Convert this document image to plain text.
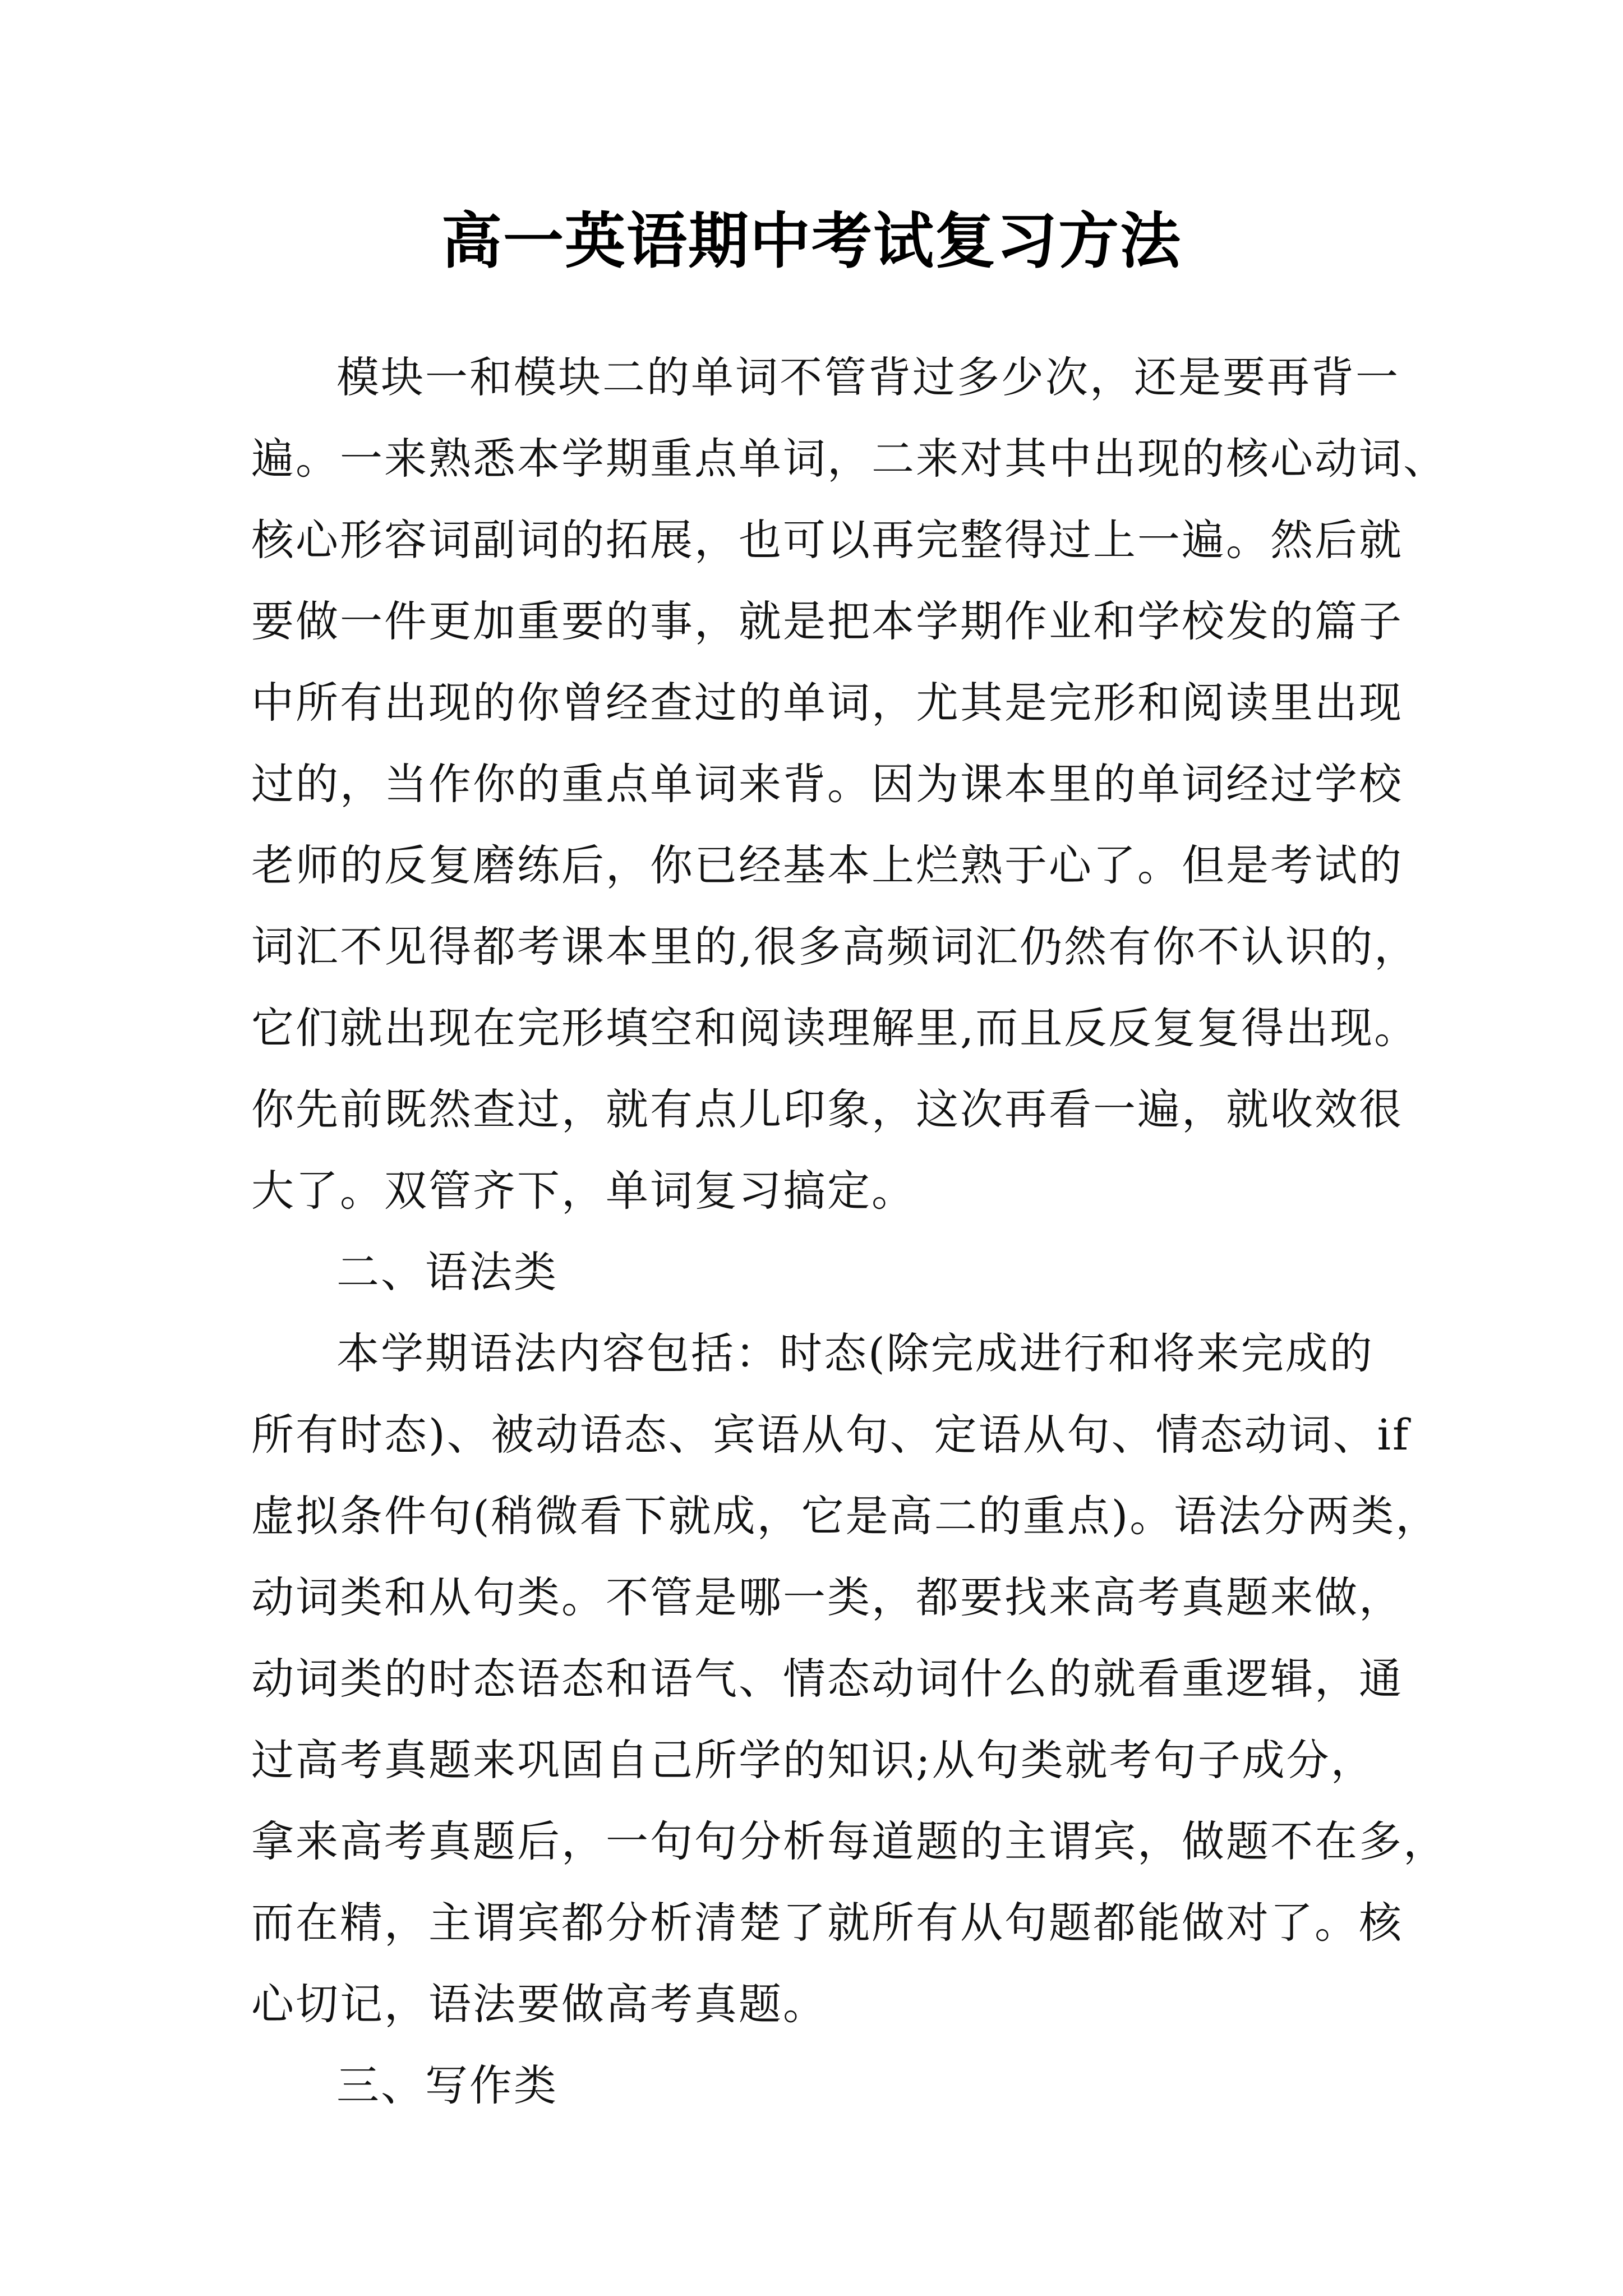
高一英语期中考试复习方法
模块一和模块二的单词不管背过多少次，还是要再背一
遍。一来熟悉本学期重点单词，二来对其中出现的核心动词、
核心形容词副词的拓展，也可以再完整得过上一遍。然后就
要做一件更加重要的事，就是把本学期作业和学校发的篇子
中所有出现的你曾经查过的单词，尤其是完形和阅读里出现
过的，当作你的重点单词来背。因为课本里的单词经过学校
老师的反复磨练后，你已经基本上烂熟于心了。但是考试的
词汇不见得都考课本里的,很多高频词汇仍然有你不认识的，
它们就出现在完形填空和阅读理解里,而且反反复复得出现。
你先前既然查过，就有点儿印象，这次再看一遍，就收效很
大了。双管齐下，单词复习搞定。
二、语法类
本学期语法内容包括：时态(除完成进行和将来完成的
所有时态)、被动语态、宾语从句、定语从句、情态动词、if
虚拟条件句(稍微看下就成，它是高二的重点)。语法分两类，
动词类和从句类。不管是哪一类，都要找来高考真题来做，
动词类的时态语态和语气、情态动词什么的就看重逻辑，通
过高考真题来巩固自己所学的知识;从句类就考句子成分，
拿来高考真题后，一句句分析每道题的主谓宾，做题不在多，
而在精，主谓宾都分析清楚了就所有从句题都能做对了。核
心切记，语法要做高考真题。
三、写作类
